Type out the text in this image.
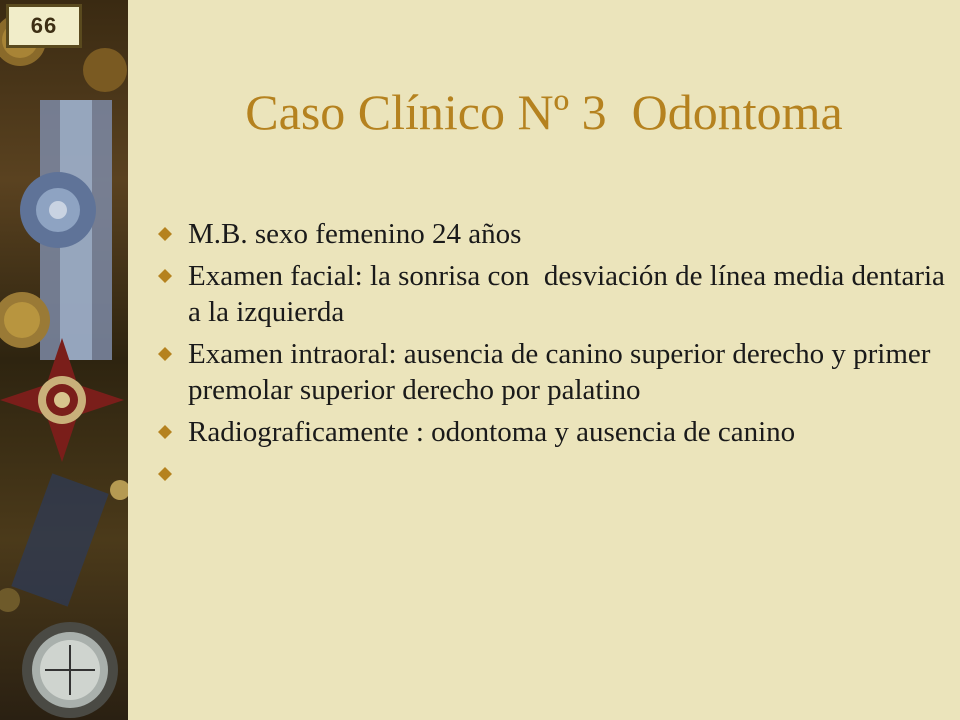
66
Caso Clínico Nº 3  Odontoma
M.B. sexo femenino 24 años
Examen facial: la sonrisa con  desviación de línea media dentaria a la izquierda
Examen intraoral: ausencia de canino superior derecho y primer premolar superior derecho por palatino
Radiograficamente : odontoma y ausencia de canino
